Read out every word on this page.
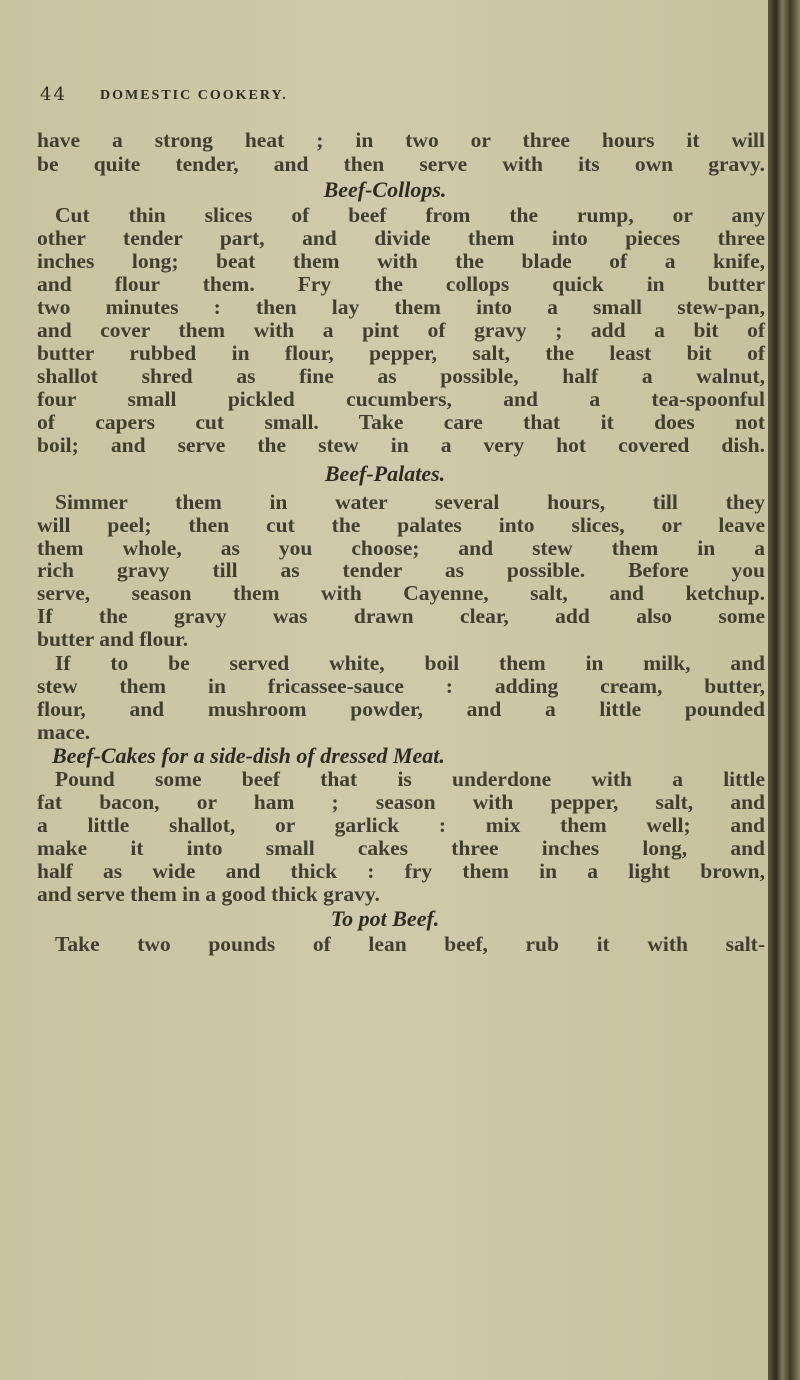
44 DOMESTIC COOKERY.
have a strong heat ; in two or three hours it will
be quite tender, and then serve with its own gravy.
Beef-Collops.
Cut thin slices of beef from the rump, or any
other tender part, and divide them into pieces three
inches long; beat them with the blade of a knife,
and flour them. Fry the collops quick in butter
two minutes : then lay them into a small stew-pan,
and cover them with a pint of gravy ; add a bit of
butter rubbed in flour, pepper, salt, the least bit of
shallot shred as fine as possible, half a walnut,
four small pickled cucumbers, and a tea-spoonful
of capers cut small. Take care that it does not
boil; and serve the stew in a very hot covered dish.
Beef-Palates.
Simmer them in water several hours, till they
will peel; then cut the palates into slices, or leave
them whole, as you choose; and stew them in a
rich gravy till as tender as possible. Before you
serve, season them with Cayenne, salt, and ketchup.
If the gravy was drawn clear, add also some
butter and flour.
If to be served white, boil them in milk, and
stew them in fricassee-sauce : adding cream, butter,
flour, and mushroom powder, and a little pounded
mace.
Beef-Cakes for a side-dish of dressed Meat.
Pound some beef that is underdone with a little
fat bacon, or ham ; season with pepper, salt, and
a little shallot, or garlick : mix them well; and
make it into small cakes three inches long, and
half as wide and thick : fry them in a light brown,
and serve them in a good thick gravy.
To pot Beef.
Take two pounds of lean beef, rub it with salt-
